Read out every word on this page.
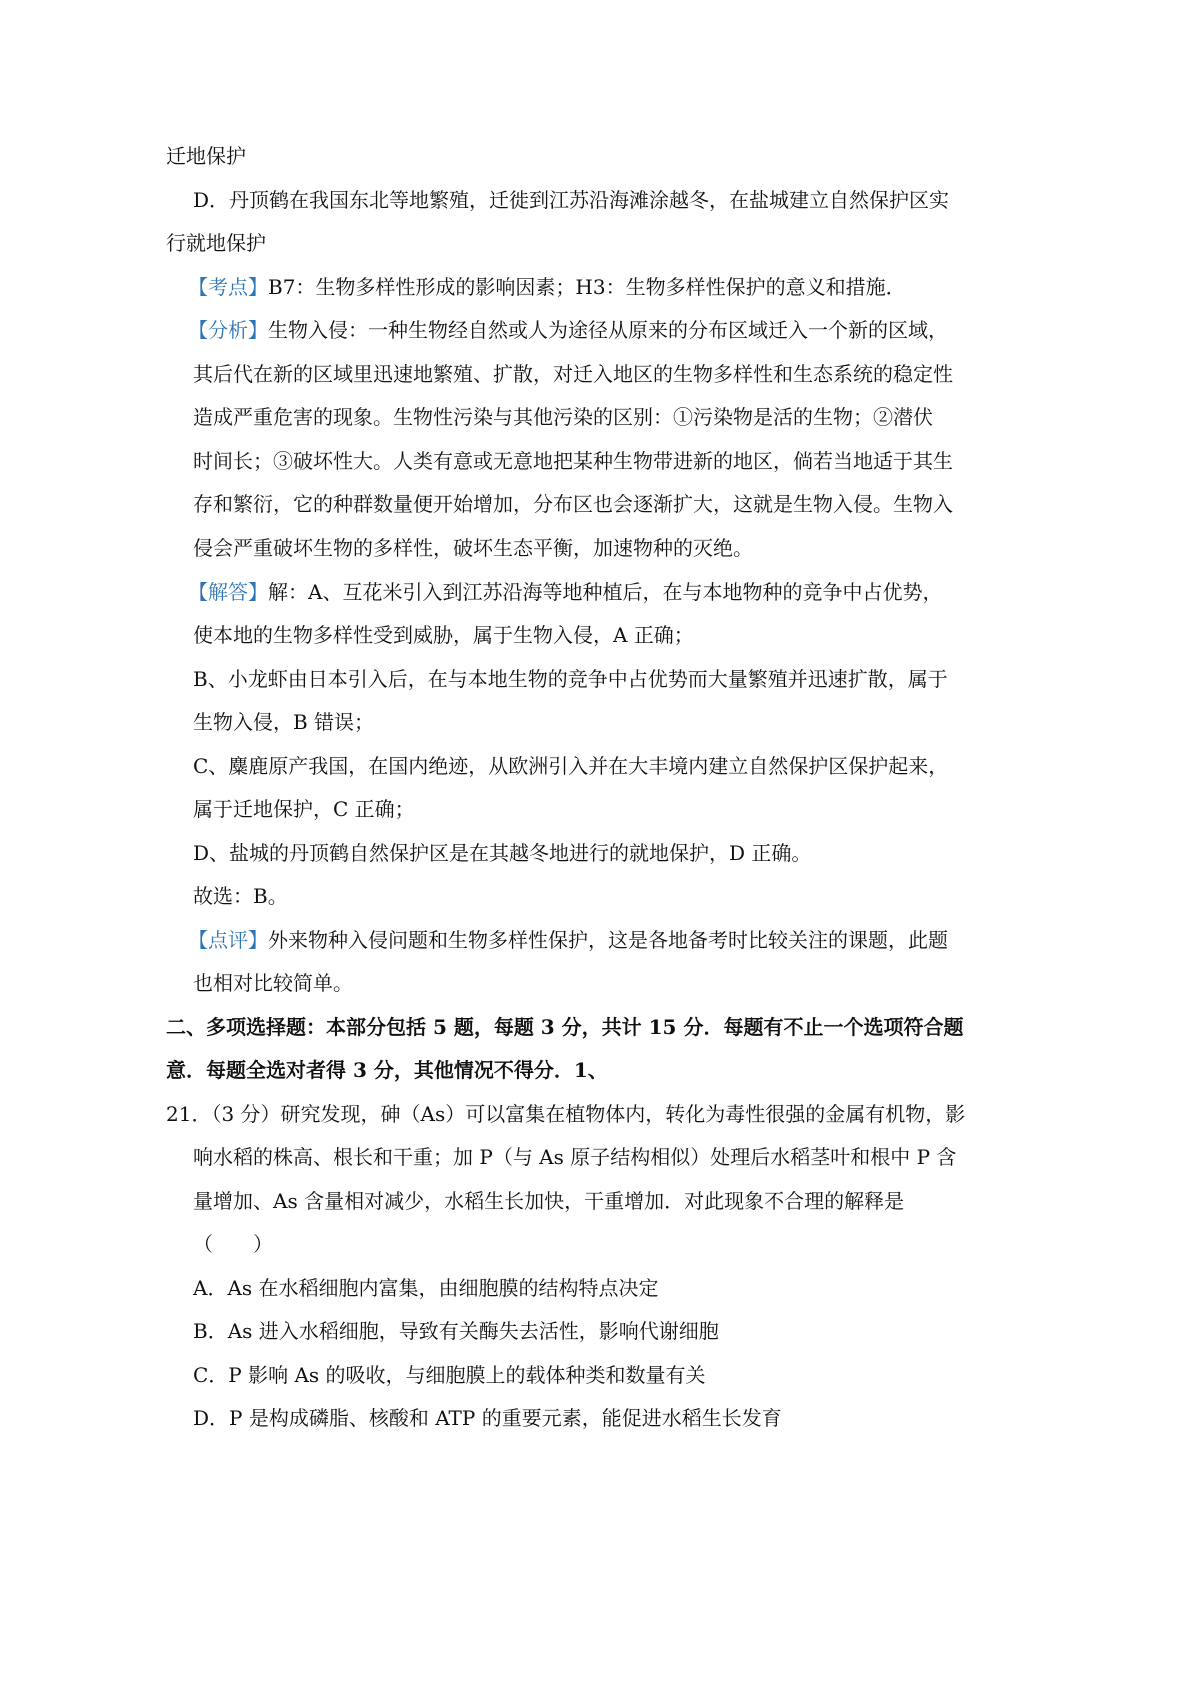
迁地保护
D．丹顶鹤在我国东北等地繁殖，迁徙到江苏沿海滩涂越冬，在盐城建立自然保护区实
行就地保护
【考点】B7：生物多样性形成的影响因素；H3：生物多样性保护的意义和措施．
【分析】生物入侵：一种生物经自然或人为途径从原来的分布区域迁入一个新的区域，
其后代在新的区域里迅速地繁殖、扩散，对迁入地区的生物多样性和生态系统的稳定性
造成严重危害的现象。生物性污染与其他污染的区别：①污染物是活的生物；②潜伏
时间长；③破坏性大。人类有意或无意地把某种生物带进新的地区，倘若当地适于其生
存和繁衍，它的种群数量便开始增加，分布区也会逐渐扩大，这就是生物入侵。生物入
侵会严重破坏生物的多样性，破坏生态平衡，加速物种的灭绝。
【解答】解：A、互花米引入到江苏沿海等地种植后，在与本地物种的竞争中占优势，
使本地的生物多样性受到威胁，属于生物入侵，A 正确；
B、小龙虾由日本引入后，在与本地生物的竞争中占优势而大量繁殖并迅速扩散，属于
生物入侵，B 错误；
C、麋鹿原产我国，在国内绝迹，从欧洲引入并在大丰境内建立自然保护区保护起来，
属于迁地保护，C 正确；
D、盐城的丹顶鹤自然保护区是在其越冬地进行的就地保护，D 正确。
故选：B。
【点评】外来物种入侵问题和生物多样性保护，这是各地备考时比较关注的课题，此题
也相对比较简单。
二、多项选择题：本部分包括 5 题，每题 3 分，共计 15 分．每题有不止一个选项符合题
意．每题全选对者得 3 分，其他情况不得分．1、
21．（3 分）研究发现，砷（As）可以富集在植物体内，转化为毒性很强的金属有机物，影
响水稻的株高、根长和干重；加 P（与 As 原子结构相似）处理后水稻茎叶和根中 P 含
量增加、As 含量相对减少，水稻生长加快，干重增加．对此现象不合理的解释是
（　　）
A．As 在水稻细胞内富集，由细胞膜的结构特点决定
B．As 进入水稻细胞，导致有关酶失去活性，影响代谢细胞
C．P 影响 As 的吸收，与细胞膜上的载体种类和数量有关
D．P 是构成磷脂、核酸和 ATP 的重要元素，能促进水稻生长发育
